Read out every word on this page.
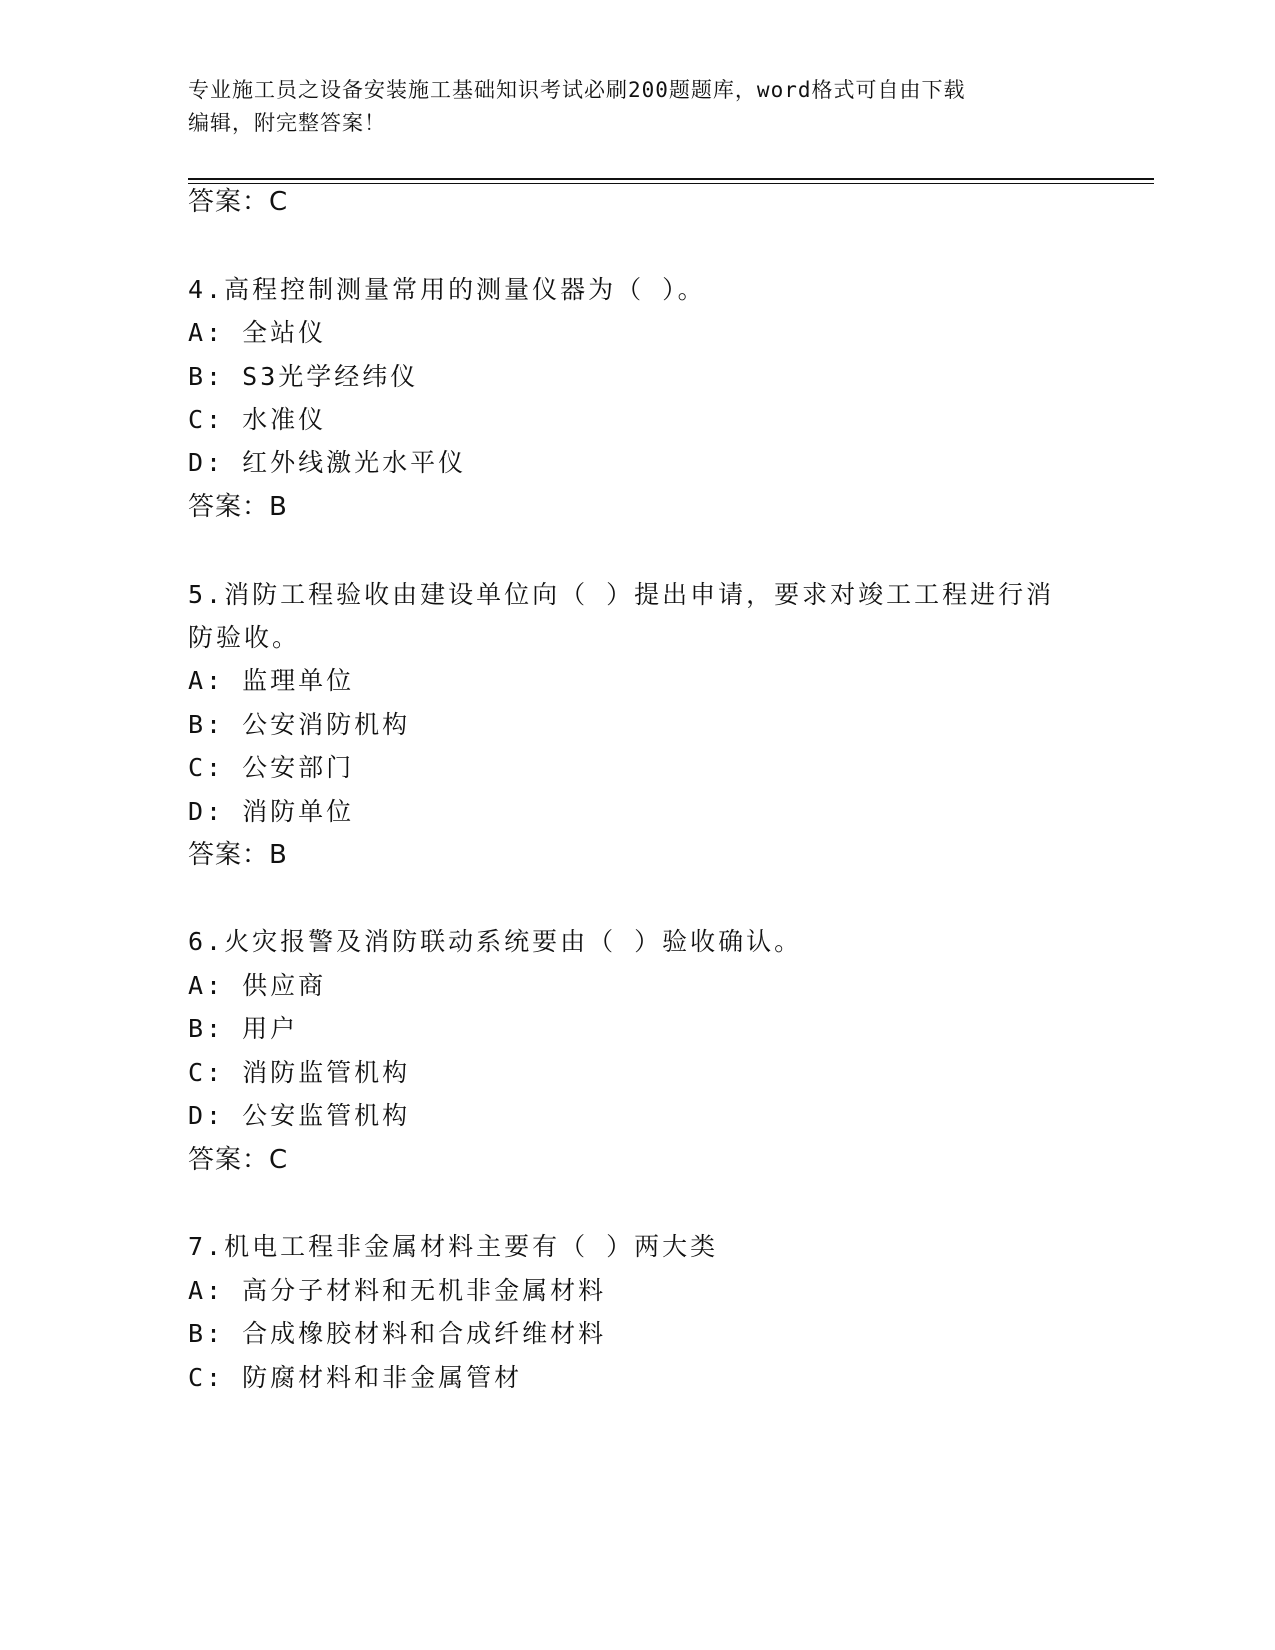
专业施工员之设备安装施工基础知识考试必刷200题题库，word格式可自由下载
编辑，附完整答案！
答案：C
4.高程控制测量常用的测量仪器为（ ）。
A: 全站仪
B: S3光学经纬仪
C: 水准仪
D: 红外线激光水平仪
答案：B
5.消防工程验收由建设单位向（ ）提出申请，要求对竣工工程进行消
防验收。
A: 监理单位
B: 公安消防机构
C: 公安部门
D: 消防单位
答案：B
6.火灾报警及消防联动系统要由（ ）验收确认。
A: 供应商
B: 用户
C: 消防监管机构
D: 公安监管机构
答案：C
7.机电工程非金属材料主要有（ ）两大类
A: 高分子材料和无机非金属材料
B: 合成橡胶材料和合成纤维材料
C: 防腐材料和非金属管材
